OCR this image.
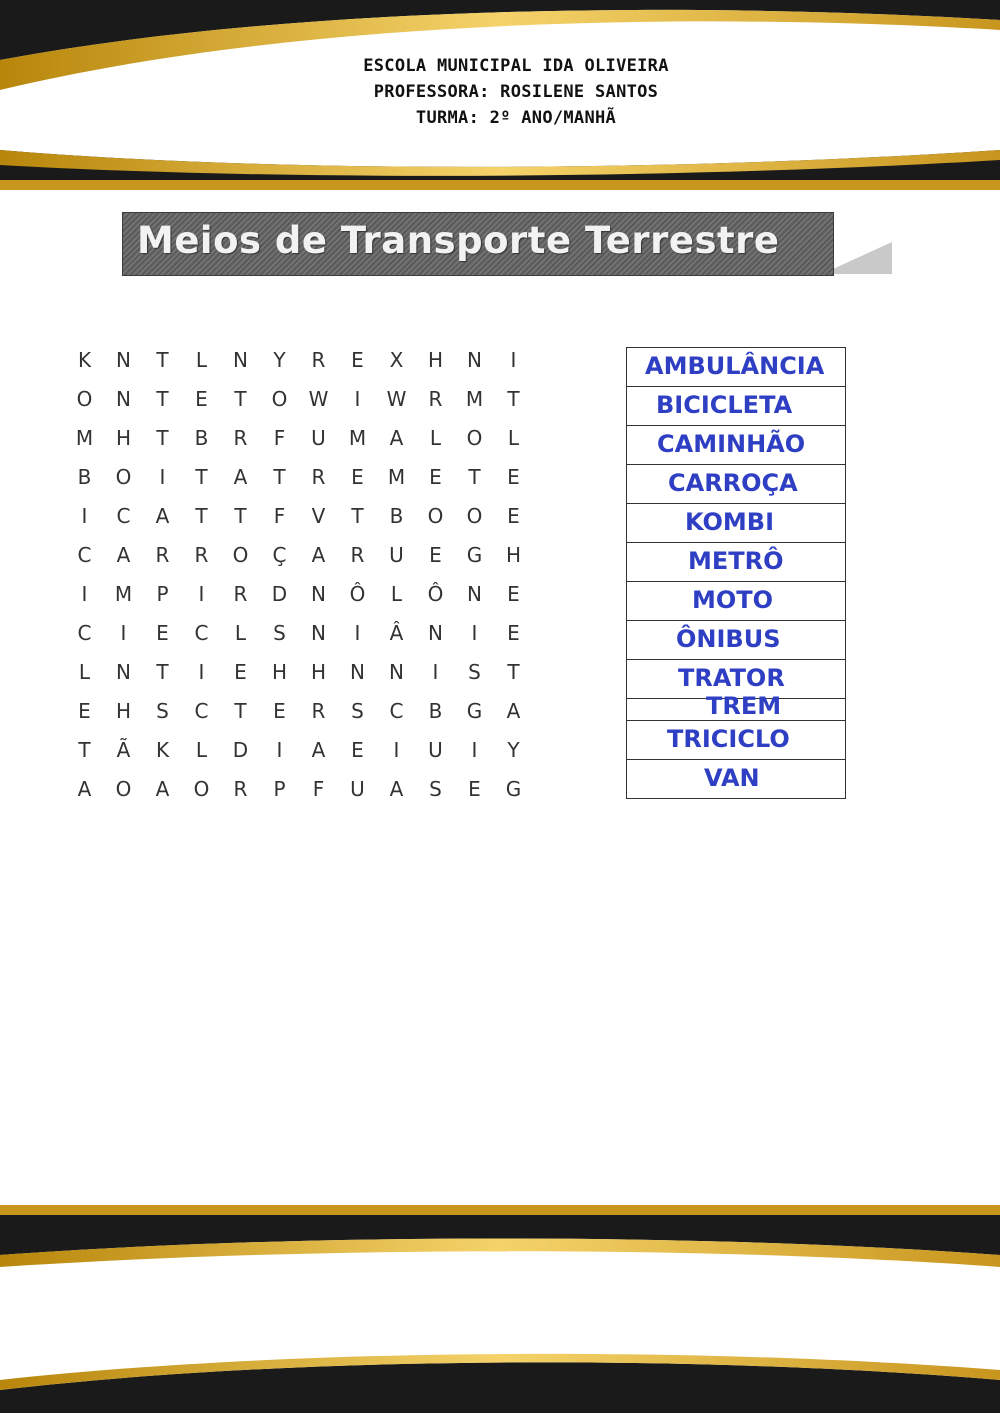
ESCOLA MUNICIPAL IDA OLIVEIRA
PROFESSORA: ROSILENE SANTOS
TURMA: 2º ANO/MANHÃ
Meios de Transporte Terrestre
K	N	T	L	N	Y	R	E	X	H	N	I
O	N	T	E	T	O	W	I	W	R	M	T
M	H	T	B	R	F	U	M	A	L	O	L
B	O	I	T	A	T	R	E	M	E	T	E
I	C	A	T	T	F	V	T	B	O	O	E
C	A	R	R	O	Ç	A	R	U	E	G	H
I	M	P	I	R	D	N	Ô	L	Ô	N	E
C	I	E	C	L	S	N	I	Â	N	I	E
L	N	T	I	E	H	H	N	N	I	S	T
E	H	S	C	T	E	R	S	C	B	G	A
T	Ã	K	L	D	I	A	E	I	U	I	Y
A	O	A	O	R	P	F	U	A	S	E	G
AMBULÂNCIA
BICICLETA
CAMINHÃO
CARROÇA
KOMBI
METRÔ
MOTO
ÔNIBUS
TRATOR
TREM
TRICICLO
VAN
